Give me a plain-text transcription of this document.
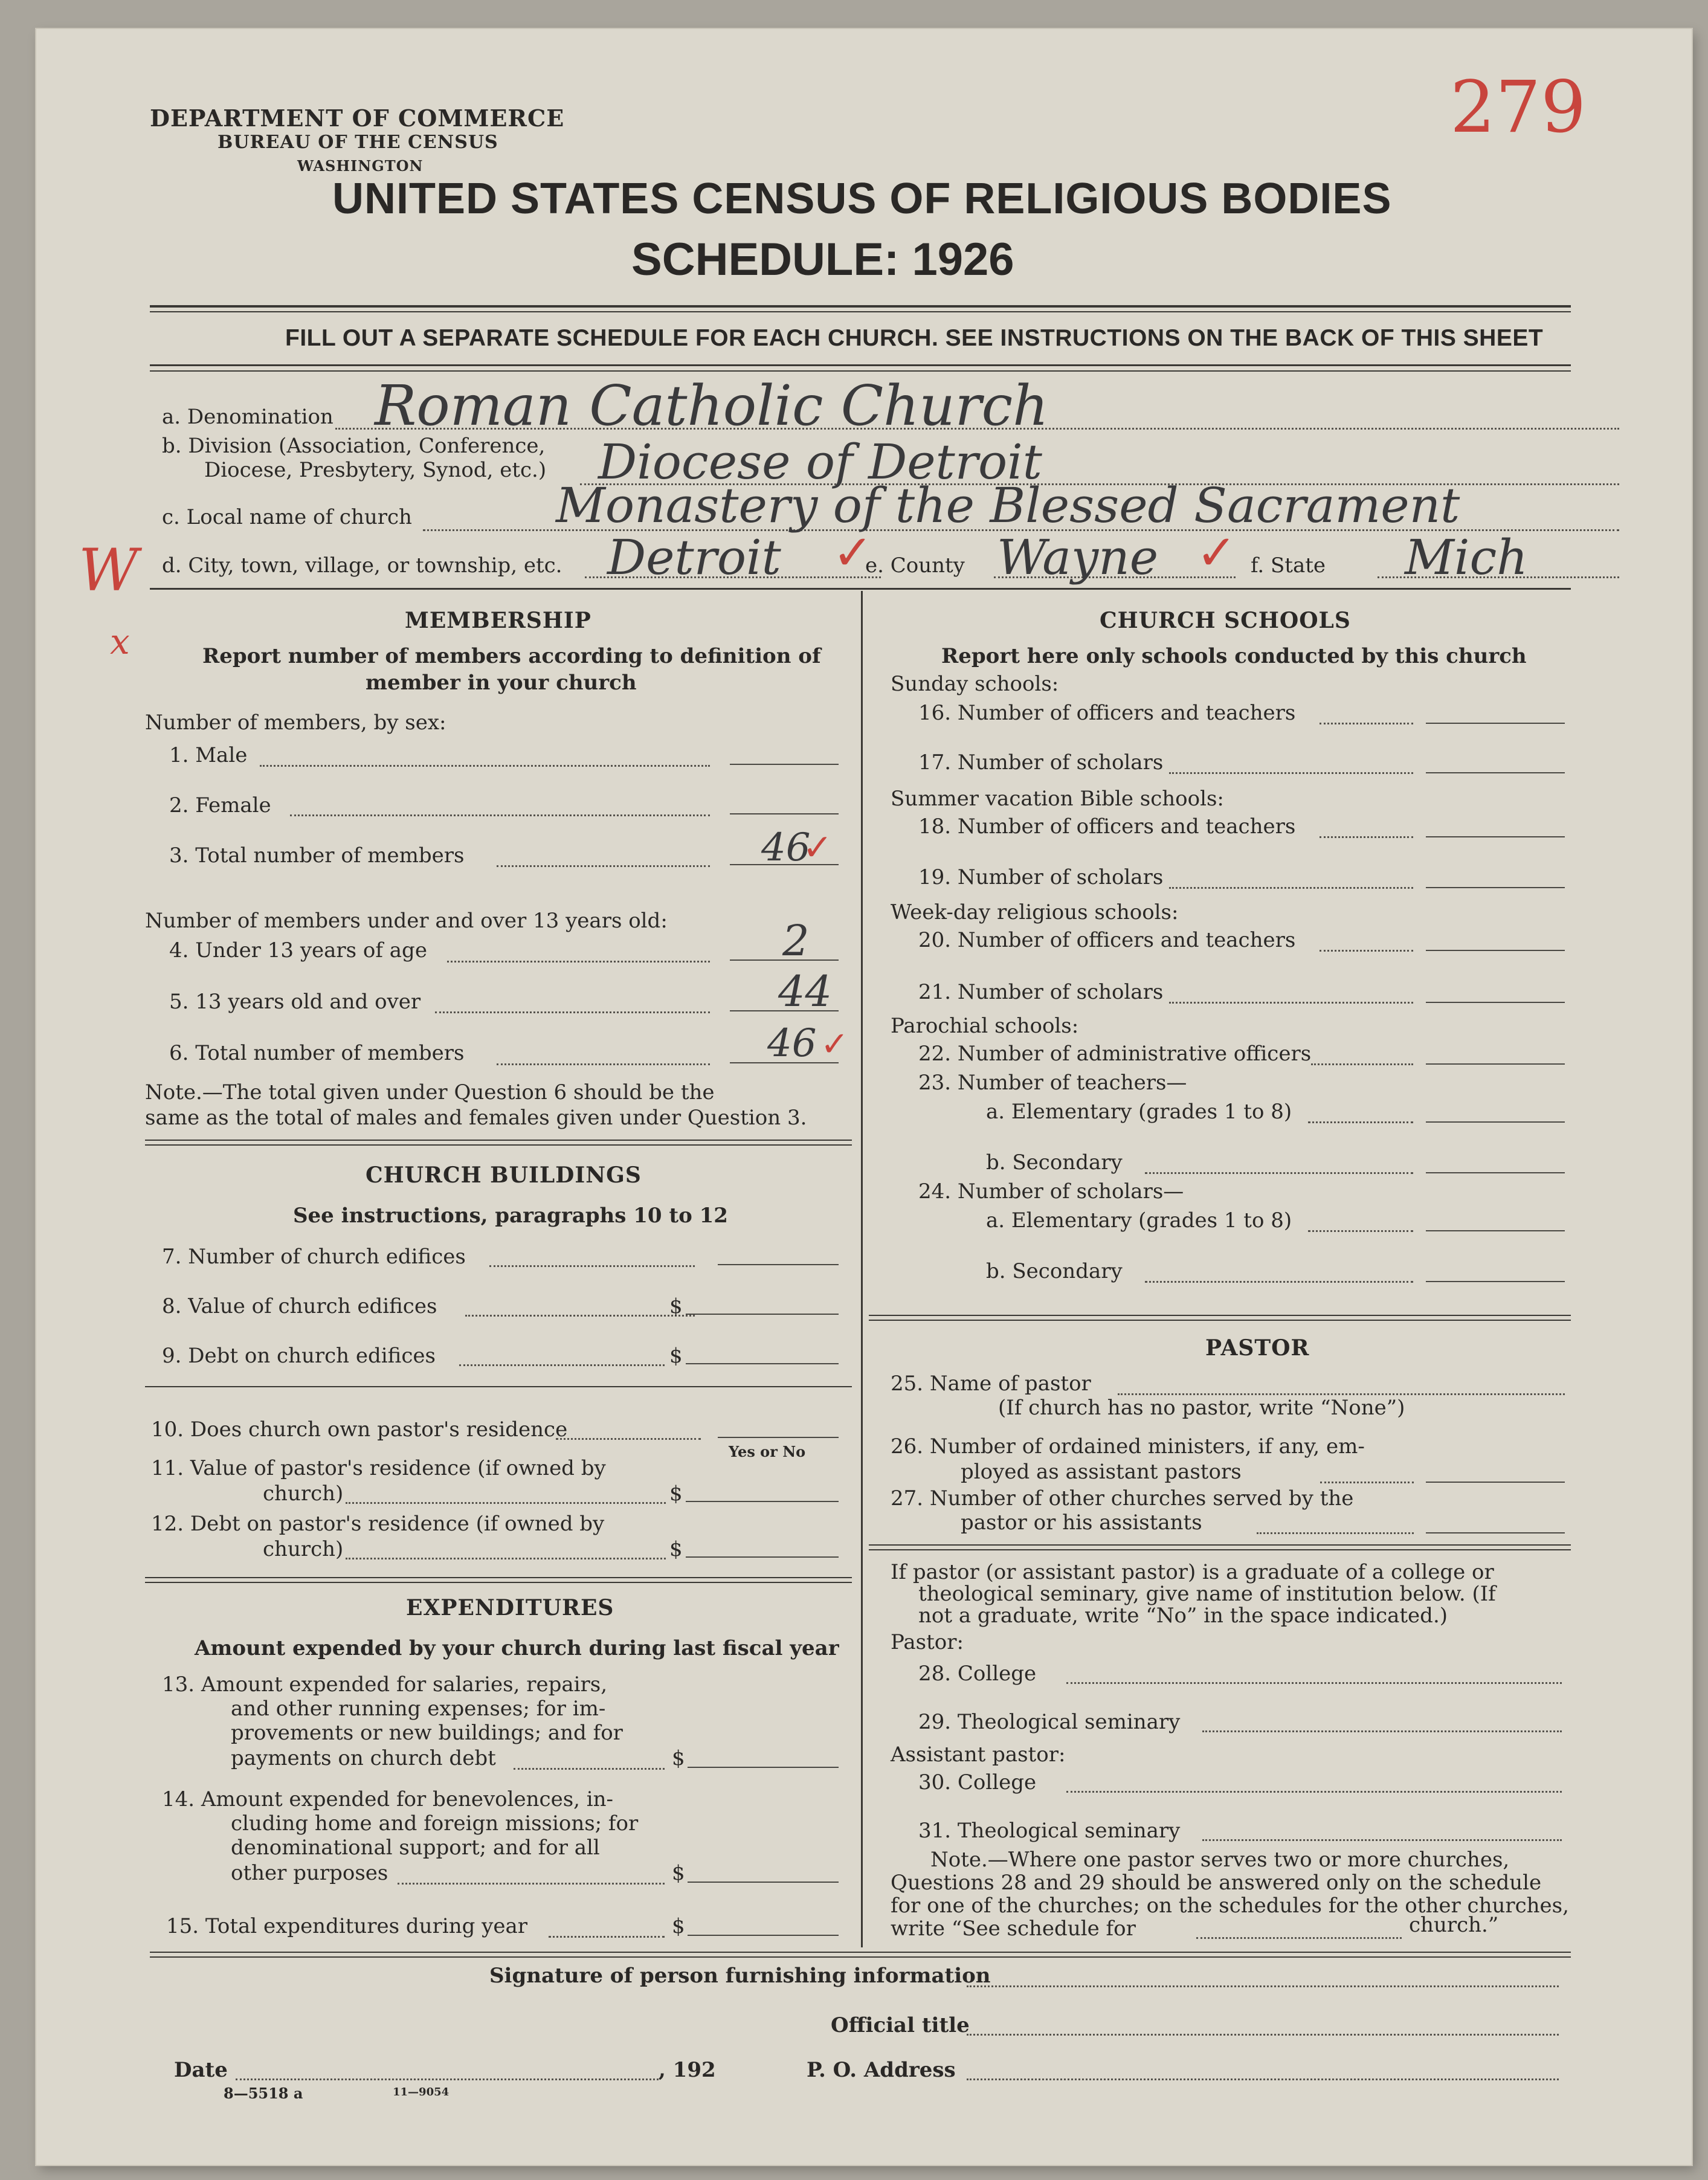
DEPARTMENT OF COMMERCE
BUREAU OF THE CENSUS
WASHINGTON
279
UNITED STATES CENSUS OF RELIGIOUS BODIES
SCHEDULE: 1926
FILL OUT A SEPARATE SCHEDULE FOR EACH CHURCH. SEE INSTRUCTIONS ON THE BACK OF THIS SHEET
a. Denomination Roman Catholic Church
b. Division (Association, Conference,
Diocese, Presbytery, Synod, etc.) Diocese of Detroit
c. Local name of church	Monastery of the Blessed Sacrament
W d. City, town, village, or township, etc. Detroit ✓
e. County Wayne ✓ f. State Mich
x
MEMBERSHIP
Report number of members according to definition of
member in your church
Number of members, by sex:
1. Male
2. Female
3. Total number of members	46
✓
Number of members under and over 13 years old:
4. Under 13 years of age	2
5. 13 years old and over	44
6. Total number of members	46 ✓
Note.—The total given under Question 6 should be the
same as the total of males and females given under Question 3.
CHURCH BUILDINGS
See instructions, paragraphs 10 to 12
7. Number of church edifices
8. Value of church edifices	$
9. Debt on church edifices	$
10. Does church own pastor's residence
Yes or No
11. Value of pastor's residence (if owned by
church)	$
12. Debt on pastor's residence (if owned by
church)	$
EXPENDITURES
Amount expended by your church during last fiscal year
13. Amount expended for salaries, repairs,
and other running expenses; for im-
provements or new buildings; and for
payments on church debt	$
14. Amount expended for benevolences, in-
cluding home and foreign missions; for
denominational support; and for all
other purposes	$
15. Total expenditures during year	$
CHURCH SCHOOLS
Report here only schools conducted by this church
Sunday schools:
16. Number of officers and teachers
17. Number of scholars
Summer vacation Bible schools:
18. Number of officers and teachers
19. Number of scholars
Week-day religious schools:
20. Number of officers and teachers
21. Number of scholars
Parochial schools:
22. Number of administrative officers
23. Number of teachers—
a. Elementary (grades 1 to 8)
b. Secondary
24. Number of scholars—
a. Elementary (grades 1 to 8)
b. Secondary
PASTOR
25. Name of pastor
(If church has no pastor, write “None”)
26. Number of ordained ministers, if any, em-
ployed as assistant pastors
27. Number of other churches served by the
pastor or his assistants
If pastor (or assistant pastor) is a graduate of a college or
theological seminary, give name of institution below. (If
not a graduate, write “No” in the space indicated.)
Pastor:
28. College
29. Theological seminary
Assistant pastor:
30. College
31. Theological seminary
Note.—Where one pastor serves two or more churches,
Questions 28 and 29 should be answered only on the schedule
for one of the churches; on the schedules for the other churches,
write “See schedule for	church.”
Signature of person furnishing information
Official title
Date	, 192	P. O. Address
8—5518 a	11—9054
